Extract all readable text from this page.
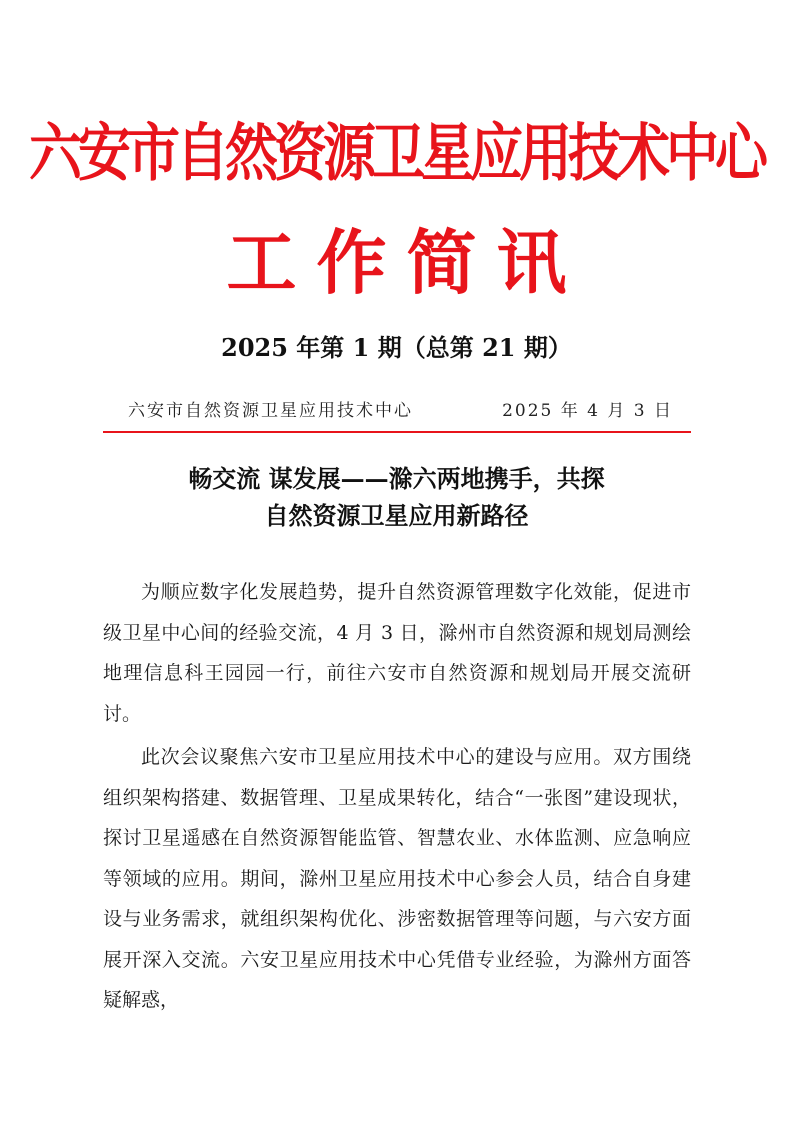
六安市自然资源卫星应用技术中心
工作简讯
2025 年第 1 期（总第 21 期）
六安市自然资源卫星应用技术中心	2025 年 4 月 3 日
畅交流 谋发展——滁六两地携手，共探
自然资源卫星应用新路径

为顺应数字化发展趋势，提升自然资源管理数字化效能，促进市级卫星中心间的经验交流，4 月 3 日，滁州市自然资源和规划局测绘地理信息科王园园一行，前往六安市自然资源和规划局开展交流研讨。

此次会议聚焦六安市卫星应用技术中心的建设与应用。双方围绕组织架构搭建、数据管理、卫星成果转化，结合“一张图”建设现状，探讨卫星遥感在自然资源智能监管、智慧农业、水体监测、应急响应等领域的应用。期间，滁州卫星应用技术中心参会人员，结合自身建设与业务需求，就组织架构优化、涉密数据管理等问题，与六安方面展开深入交流。六安卫星应用技术中心凭借专业经验，为滁州方面答疑解惑，
